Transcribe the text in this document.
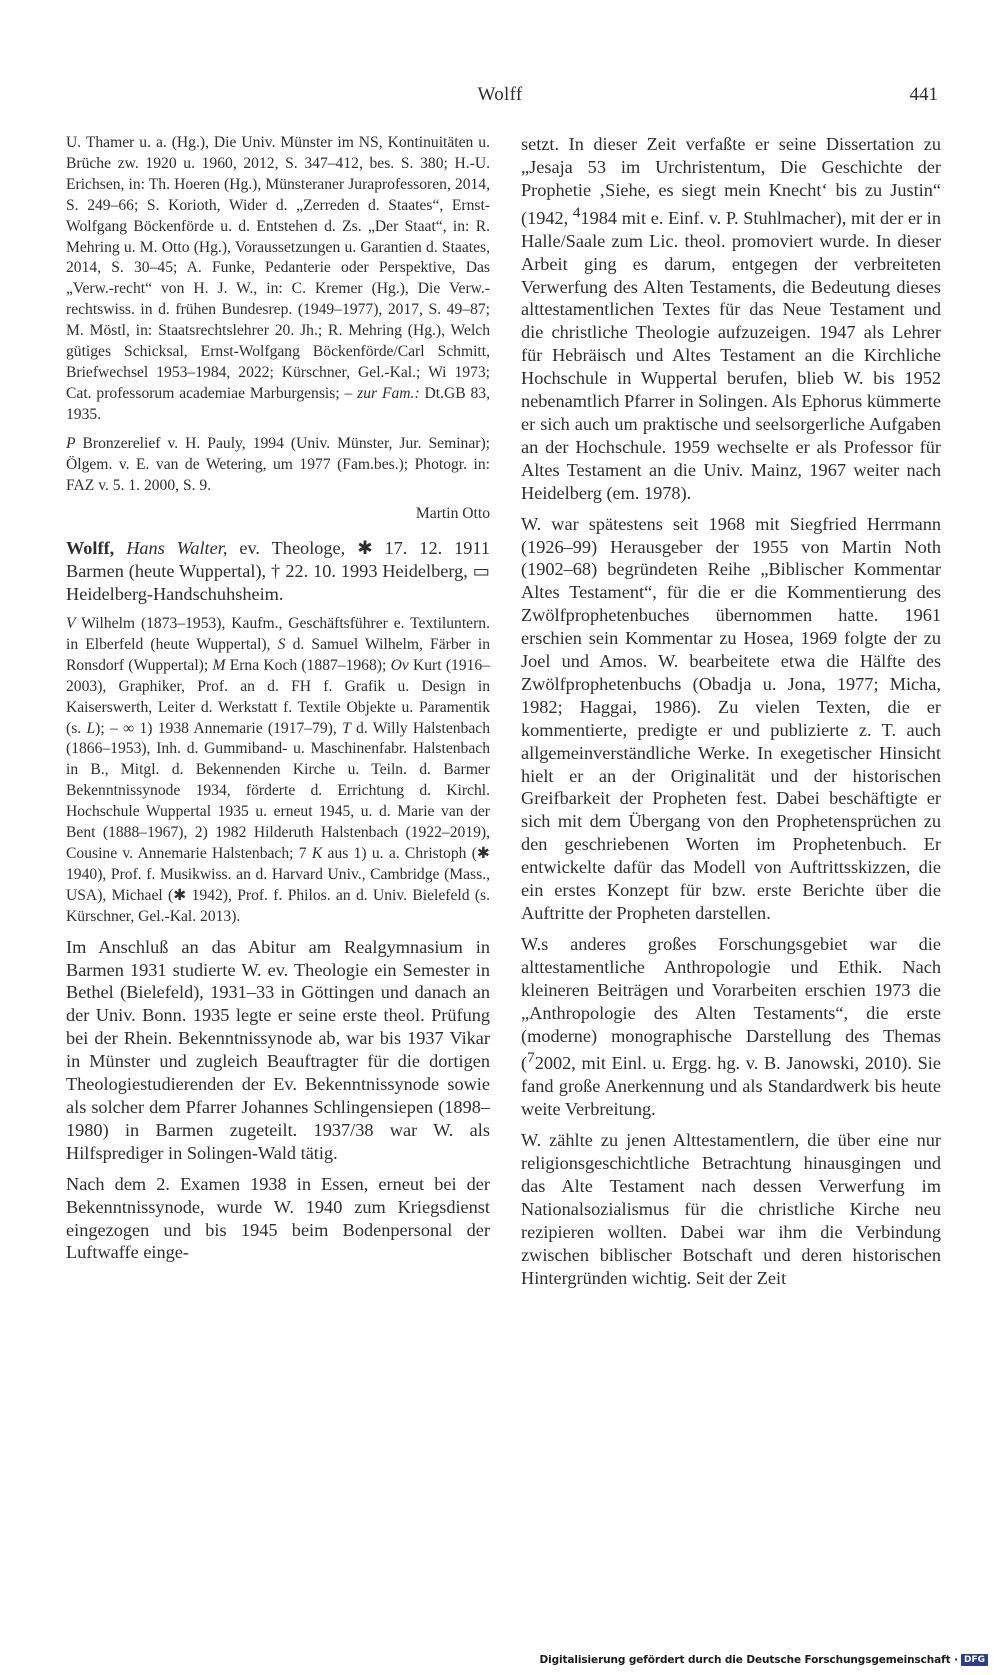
Wolff	441

U. Thamer u. a. (Hg.), Die Univ. Münster im NS, Kontinuitäten u. Brüche zw. 1920 u. 1960, 2012, S. 347–412, bes. S. 380; H.-U. Erichsen, in: Th. Hoeren (Hg.), Münsteraner Juraprofessoren, 2014, S. 249–66; S. Korioth, Wider d. „Zerreden d. Staates“, Ernst-Wolfgang Böckenförde u. d. Entstehen d. Zs. „Der Staat“, in: R. Mehring u. M. Otto (Hg.), Voraussetzungen u. Garantien d. Staates, 2014, S. 30–45; A. Funke, Pedanterie oder Perspektive, Das „Verw.-recht“ von H. J. W., in: C. Kremer (Hg.), Die Verw.-rechtswiss. in d. frühen Bundesrep. (1949–1977), 2017, S. 49–87; M. Möstl, in: Staatsrechtslehrer 20. Jh.; R. Mehring (Hg.), Welch gütiges Schicksal, Ernst-Wolfgang Böckenförde/Carl Schmitt, Briefwechsel 1953–1984, 2022; Kürschner, Gel.-Kal.; Wi 1973; Cat. professorum academiae Marburgensis; – zur Fam.: Dt.GB 83, 1935.

P Bronzerelief v. H. Pauly, 1994 (Univ. Münster, Jur. Seminar); Ölgem. v. E. van de Wetering, um 1977 (Fam.bes.); Photogr. in: FAZ v. 5. 1. 2000, S. 9.

Martin Otto

Wolff, Hans Walter, ev. Theologe, ✱ 17. 12. 1911 Barmen (heute Wuppertal), † 22. 10. 1993 Heidelberg, ▭ Heidelberg-Handschuhsheim.

V Wilhelm (1873–1953), Kaufm., Geschäftsführer e. Textiluntern. in Elberfeld (heute Wuppertal), S d. Samuel Wilhelm, Färber in Ronsdorf (Wuppertal); M Erna Koch (1887–1968); Ov Kurt (1916–2003), Graphiker, Prof. an d. FH f. Grafik u. Design in Kaiserswerth, Leiter d. Werkstatt f. Textile Objekte u. Paramentik (s. L); – ∞ 1) 1938 Annemarie (1917–79), T d. Willy Halstenbach (1866–1953), Inh. d. Gummiband- u. Maschinenfabr. Halstenbach in B., Mitgl. d. Bekennenden Kirche u. Teiln. d. Barmer Bekenntnissynode 1934, förderte d. Errichtung d. Kirchl. Hochschule Wuppertal 1935 u. erneut 1945, u. d. Marie van der Bent (1888–1967), 2) 1982 Hilderuth Halstenbach (1922–2019), Cousine v. Annemarie Halstenbach; 7 K aus 1) u. a. Christoph (✱ 1940), Prof. f. Musikwiss. an d. Harvard Univ., Cambridge (Mass., USA), Michael (✱ 1942), Prof. f. Philos. an d. Univ. Bielefeld (s. Kürschner, Gel.-Kal. 2013).

Im Anschluß an das Abitur am Realgymnasium in Barmen 1931 studierte W. ev. Theologie ein Semester in Bethel (Bielefeld), 1931–33 in Göttingen und danach an der Univ. Bonn. 1935 legte er seine erste theol. Prüfung bei der Rhein. Bekenntnissynode ab, war bis 1937 Vikar in Münster und zugleich Beauftragter für die dortigen Theologiestudierenden der Ev. Bekenntnissynode sowie als solcher dem Pfarrer Johannes Schlingensiepen (1898–1980) in Barmen zugeteilt. 1937/38 war W. als Hilfsprediger in Solingen-Wald tätig.

Nach dem 2. Examen 1938 in Essen, erneut bei der Bekenntnissynode, wurde W. 1940 zum Kriegsdienst eingezogen und bis 1945 beim Bodenpersonal der Luftwaffe einge-

setzt. In dieser Zeit verfaßte er seine Dissertation zu „Jesaja 53 im Urchristentum, Die Geschichte der Prophetie ‚Siehe, es siegt mein Knecht‘ bis zu Justin“ (1942, $^4$1984 mit e. Einf. v. P. Stuhlmacher), mit der er in Halle/Saale zum Lic. theol. promoviert wurde. In dieser Arbeit ging es darum, entgegen der verbreiteten Verwerfung des Alten Testaments, die Bedeutung dieses alttestamentlichen Textes für das Neue Testament und die christliche Theologie aufzuzeigen. 1947 als Lehrer für Hebräisch und Altes Testament an die Kirchliche Hochschule in Wuppertal berufen, blieb W. bis 1952 nebenamtlich Pfarrer in Solingen. Als Ephorus kümmerte er sich auch um praktische und seelsorgerliche Aufgaben an der Hochschule. 1959 wechselte er als Professor für Altes Testament an die Univ. Mainz, 1967 weiter nach Heidelberg (em. 1978).

W. war spätestens seit 1968 mit Siegfried Herrmann (1926–99) Herausgeber der 1955 von Martin Noth (1902–68) begründeten Reihe „Biblischer Kommentar Altes Testament“, für die er die Kommentierung des Zwölfprophetenbuches übernommen hatte. 1961 erschien sein Kommentar zu Hosea, 1969 folgte der zu Joel und Amos. W. bearbeitete etwa die Hälfte des Zwölfprophetenbuchs (Obadja u. Jona, 1977; Micha, 1982; Haggai, 1986). Zu vielen Texten, die er kommentierte, predigte er und publizierte z. T. auch allgemeinverständliche Werke. In exegetischer Hinsicht hielt er an der Originalität und der historischen Greifbarkeit der Propheten fest. Dabei beschäftigte er sich mit dem Übergang von den Prophetensprüchen zu den geschriebenen Worten im Prophetenbuch. Er entwickelte dafür das Modell von Auftrittsskizzen, die ein erstes Konzept für bzw. erste Berichte über die Auftritte der Propheten darstellen.

W.s anderes großes Forschungsgebiet war die alttestamentliche Anthropologie und Ethik. Nach kleineren Beiträgen und Vorarbeiten erschien 1973 die „Anthropologie des Alten Testaments“, die erste (moderne) monographische Darstellung des Themas ($^7$2002, mit Einl. u. Ergg. hg. v. B. Janowski, 2010). Sie fand große Anerkennung und als Standardwerk bis heute weite Verbreitung.

W. zählte zu jenen Alttestamentlern, die über eine nur religionsgeschichtliche Betrachtung hinausgingen und das Alte Testament nach dessen Verwerfung im Nationalsozialismus für die christliche Kirche neu rezipieren wollten. Dabei war ihm die Verbindung zwischen biblischer Botschaft und deren historischen Hintergründen wichtig. Seit der Zeit

Digitalisierung gefördert durch die Deutsche Forschungsgemeinschaft · DFG
